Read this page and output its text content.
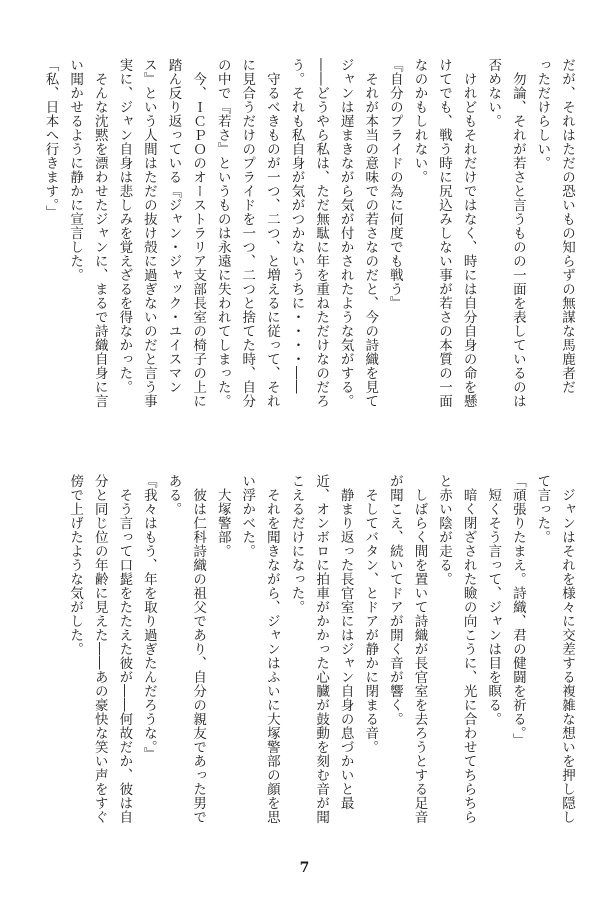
だが、それはただの恐いもの知らずの無謀な馬鹿者だ
っただけらしい。
　勿論、それが若さと言うものの一面を表しているのは
否めない。
　けれどもそれだけではなく、時には自分自身の命を懸
けてでも、戦う時に尻込みしない事が若さの本質の一面
なのかもしれない。
『自分のプライドの為に何度でも戦う』
　それが本当の意味での若さなのだと、今の詩織を見て
ジャンは遅まきながら気が付かされたような気がする。
――どうやら私は、ただ無駄に年を重ねただけなのだろ
う。それも私自身が気がつかないうちに・・・・――
　守るべきものが一つ、二つ、と増えるに従って、それ
に見合うだけのプライドを一つ、二つと捨てた時、自分
の中で『若さ』というものは永遠に失われてしまった。
　今、ＩＣＰＯのオーストラリア支部長室の椅子の上に
踏ん反り返っている『ジャン・ジャック・ユイスマン
ス』という人間はただの抜け殻に過ぎないのだと言う事
実に、ジャン自身は悲しみを覚えざるを得なかった。
　そんな沈黙を漂わせたジャンに、まるで詩織自身に言
い聞かせるように静かに宣言した。
「私、日本へ行きます。」
　ジャンはそれを様々に交差する複雑な想いを押し隠し
て言った。
「頑張りたまえ。詩織、君の健闘を祈る。」
　短くそう言って、ジャンは目を瞑る。
　暗く閉ざされた瞼の向こうに、光に合わせてちらちら
と赤い陰が走る。
　しばらく間を置いて詩織が長官室を去ろうとする足音
が聞こえ、続いてドアが開く音が響く。
　そしてバタン、とドアが静かに閉まる音。
　静まり返った長官室にはジャン自身の息づかいと最
近、オンボロに拍車がかかった心臓が鼓動を刻む音が聞
こえるだけになった。
　それを聞きながら、ジャンはふいに大塚警部の顔を思
い浮かべた。
　大塚警部。
　彼は仁科詩織の祖父であり、自分の親友であった男で
ある。
『我々はもう、年を取り過ぎたんだろうな。』
　そう言って口髭をたたえた彼が――何故だか、彼は自
分と同じ位の年齢に見えた――あの豪快な笑い声をすぐ
傍で上げたような気がした。
7
